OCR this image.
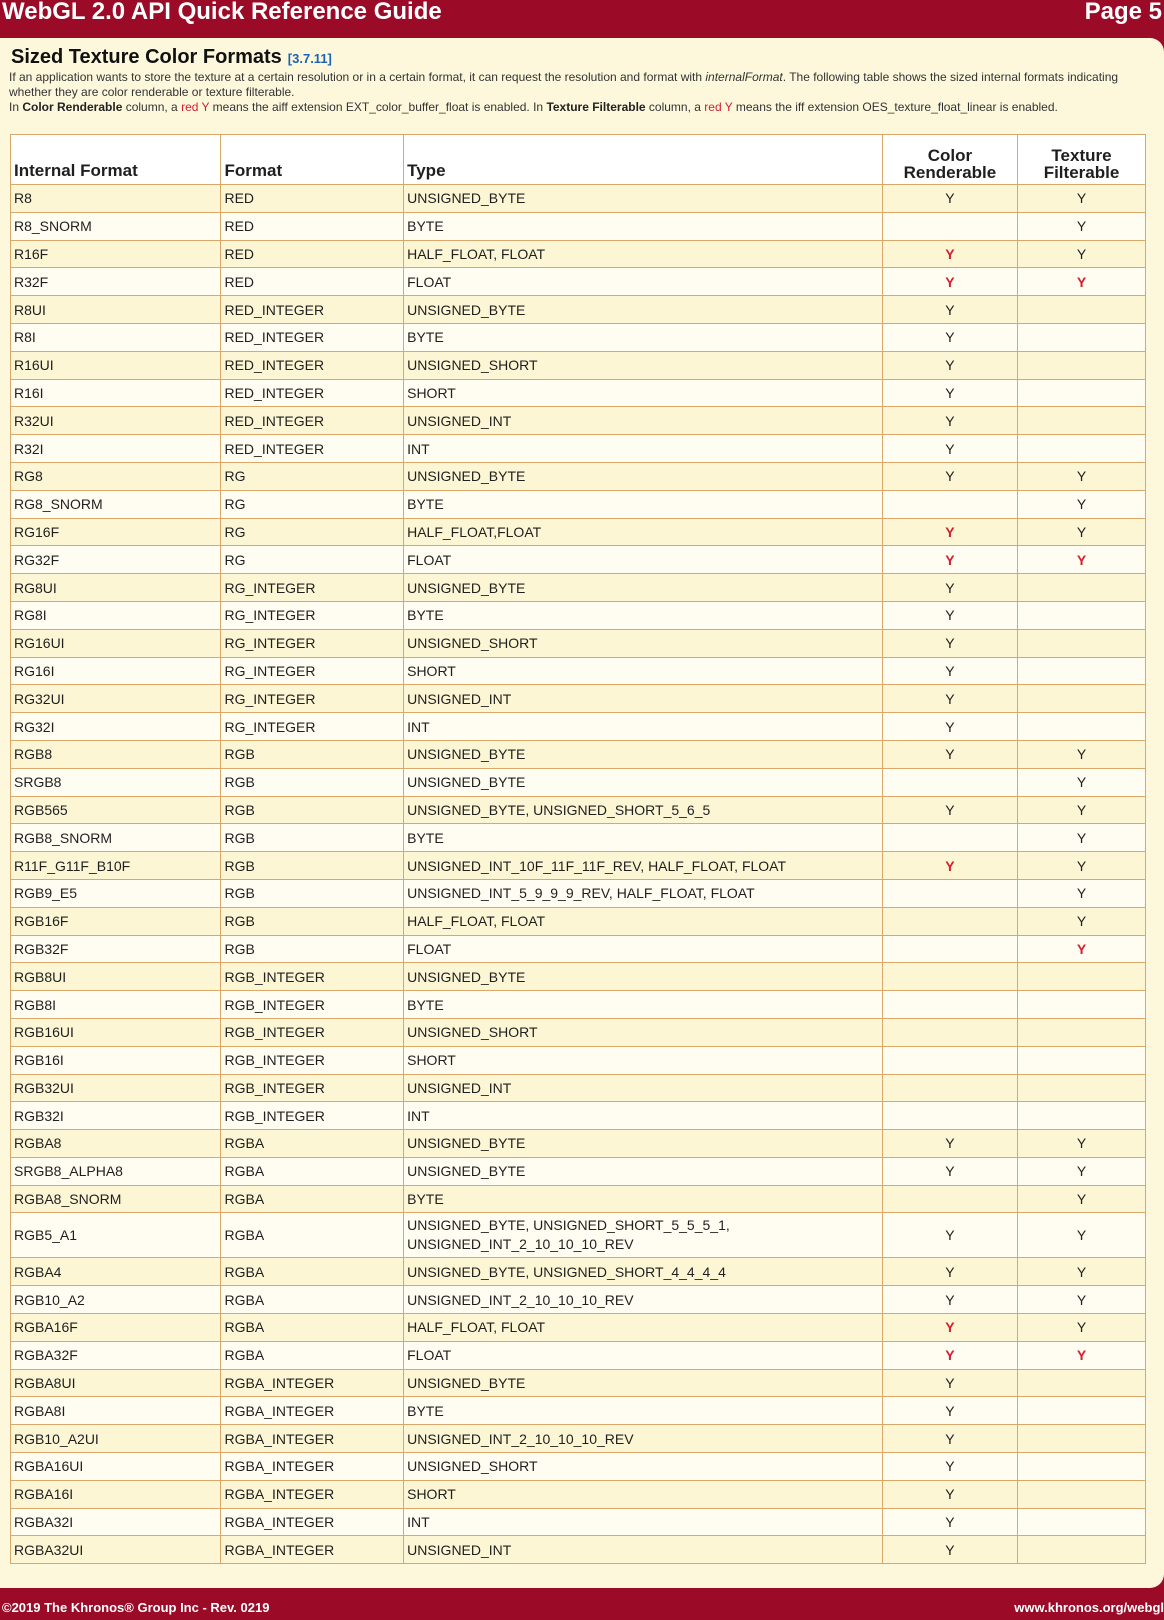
WebGL 2.0 API Quick Reference Guide	Page 5
Sized Texture Color Formats [3.7.11]
If an application wants to store the texture at a certain resolution or in a certain format, it can request the resolution and format with internalFormat. The following table shows the sized internal formats indicating whether they are color renderable or texture filterable.
In Color Renderable column, a red Y means the aiff extension EXT_color_buffer_float is enabled. In Texture Filterable column, a red Y means the iff extension OES_texture_float_linear is enabled.
Internal Format	Format	Type	Color
Renderable	Texture
Filterable
R8	RED	UNSIGNED_BYTE	Y	Y
R8_SNORM	RED	BYTE		Y
R16F	RED	HALF_FLOAT, FLOAT	Y	Y
R32F	RED	FLOAT	Y	Y
R8UI	RED_INTEGER	UNSIGNED_BYTE	Y	
R8I	RED_INTEGER	BYTE	Y	
R16UI	RED_INTEGER	UNSIGNED_SHORT	Y	
R16I	RED_INTEGER	SHORT	Y	
R32UI	RED_INTEGER	UNSIGNED_INT	Y	
R32I	RED_INTEGER	INT	Y	
RG8	RG	UNSIGNED_BYTE	Y	Y
RG8_SNORM	RG	BYTE		Y
RG16F	RG	HALF_FLOAT,FLOAT	Y	Y
RG32F	RG	FLOAT	Y	Y
RG8UI	RG_INTEGER	UNSIGNED_BYTE	Y	
RG8I	RG_INTEGER	BYTE	Y	
RG16UI	RG_INTEGER	UNSIGNED_SHORT	Y	
RG16I	RG_INTEGER	SHORT	Y	
RG32UI	RG_INTEGER	UNSIGNED_INT	Y	
RG32I	RG_INTEGER	INT	Y	
RGB8	RGB	UNSIGNED_BYTE	Y	Y
SRGB8	RGB	UNSIGNED_BYTE		Y
RGB565	RGB	UNSIGNED_BYTE, UNSIGNED_SHORT_5_6_5	Y	Y
RGB8_SNORM	RGB	BYTE		Y
R11F_G11F_B10F	RGB	UNSIGNED_INT_10F_11F_11F_REV, HALF_FLOAT, FLOAT	Y	Y
RGB9_E5	RGB	UNSIGNED_INT_5_9_9_9_REV, HALF_FLOAT, FLOAT		Y
RGB16F	RGB	HALF_FLOAT, FLOAT		Y
RGB32F	RGB	FLOAT		Y
RGB8UI	RGB_INTEGER	UNSIGNED_BYTE		
RGB8I	RGB_INTEGER	BYTE		
RGB16UI	RGB_INTEGER	UNSIGNED_SHORT		
RGB16I	RGB_INTEGER	SHORT		
RGB32UI	RGB_INTEGER	UNSIGNED_INT		
RGB32I	RGB_INTEGER	INT		
RGBA8	RGBA	UNSIGNED_BYTE	Y	Y
SRGB8_ALPHA8	RGBA	UNSIGNED_BYTE	Y	Y
RGBA8_SNORM	RGBA	BYTE		Y
RGB5_A1	RGBA	UNSIGNED_BYTE, UNSIGNED_SHORT_5_5_5_1,
UNSIGNED_INT_2_10_10_10_REV	Y	Y
RGBA4	RGBA	UNSIGNED_BYTE, UNSIGNED_SHORT_4_4_4_4	Y	Y
RGB10_A2	RGBA	UNSIGNED_INT_2_10_10_10_REV	Y	Y
RGBA16F	RGBA	HALF_FLOAT, FLOAT	Y	Y
RGBA32F	RGBA	FLOAT	Y	Y
RGBA8UI	RGBA_INTEGER	UNSIGNED_BYTE	Y	
RGBA8I	RGBA_INTEGER	BYTE	Y	
RGB10_A2UI	RGBA_INTEGER	UNSIGNED_INT_2_10_10_10_REV	Y	
RGBA16UI	RGBA_INTEGER	UNSIGNED_SHORT	Y	
RGBA16I	RGBA_INTEGER	SHORT	Y	
RGBA32I	RGBA_INTEGER	INT	Y	
RGBA32UI	RGBA_INTEGER	UNSIGNED_INT	Y	
©2019 The Khronos® Group Inc - Rev. 0219	www.khronos.org/webgl
